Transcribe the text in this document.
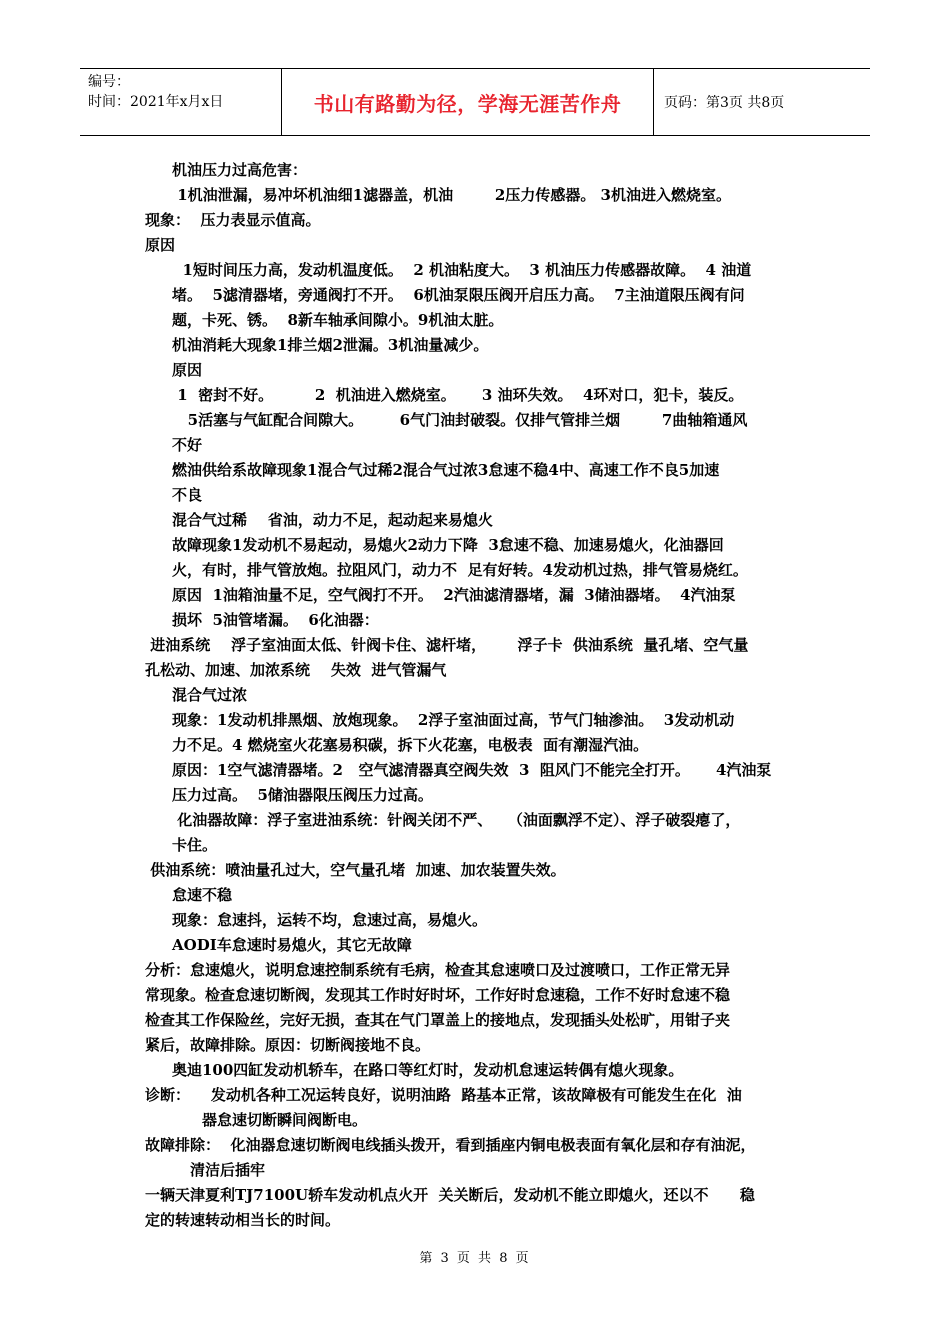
编号：
时间：2021年x月x日	书山有路勤为径，学海无涯苦作舟	页码：第3页 共8页
机油压力过高危害：
1机油泄漏，易冲坏机油细1滤器盖，机油        2压力传感器。 3机油进入燃烧室。
现象：  压力表显示值高。
原因
1短时间压力高，发动机温度低。  2 机油粘度大。  3 机油压力传感器故障。  4 油道
堵。  5滤清器堵，旁通阀打不开。  6机油泵限压阀开启压力高。  7主油道限压阀有问
题，卡死、锈。  8新车轴承间隙小。9机油太脏。
机油消耗大现象1排兰烟2泄漏。3机油量减少。
原因
1  密封不好。        2  机油进入燃烧室。     3 油环失效。  4环对口，犯卡，装反。
5活塞与气缸配合间隙大。       6气门油封破裂。仅排气管排兰烟        7曲轴箱通风
不好
燃油供给系故障现象1混合气过稀2混合气过浓3怠速不稳4中、高速工作不良5加速
不良
混合气过稀    省油，动力不足，起动起来易熄火
故障现象1发动机不易起动，易熄火2动力下降  3怠速不稳、加速易熄火，化油器回
火，有时，排气管放炮。拉阻风门，动力不  足有好转。4发动机过热，排气管易烧红。
原因  1油箱油量不足，空气阀打不开。  2汽油滤清器堵，漏  3储油器堵。  4汽油泵
损坏  5油管堵漏。  6化油器：
进油系统    浮子室油面太低、针阀卡住、滤杆堵，      浮子卡  供油系统  量孔堵、空气量
孔松动、加速、加浓系统    失效  进气管漏气
混合气过浓
现象：1发动机排黑烟、放炮现象。  2浮子室油面过高，节气门轴渗油。  3发动机动
力不足。4 燃烧室火花塞易积碳，拆下火花塞，电极表  面有潮湿汽油。
原因：1空气滤清器堵。2   空气滤清器真空阀失效  3  阻风门不能完全打开。     4汽油泵
压力过高。  5储油器限压阀压力过高。
化油器故障：浮子室进油系统：针阀关闭不严、   （油面飘浮不定）、浮子破裂瘪了，
卡住。
供油系统：喷油量孔过大，空气量孔堵  加速、加农装置失效。
怠速不稳
现象：怠速抖，运转不均，怠速过高，易熄火。
AODI车怠速时易熄火，其它无故障
分析：怠速熄火，说明怠速控制系统有毛病，检查其怠速喷口及过渡喷口，工作正常无异
常现象。检查怠速切断阀，发现其工作时好时坏，工作好时怠速稳，工作不好时怠速不稳
检查其工作保险丝，完好无损，查其在气门罩盖上的接地点，发现插头处松旷，用钳子夹
紧后，故障排除。原因：切断阀接地不良。
奥迪100四缸发动机轿车，在路口等红灯时，发动机怠速运转偶有熄火现象。
诊断：    发动机各种工况运转良好，说明油路  路基本正常，该故障极有可能发生在化  油
器怠速切断瞬间阀断电。
故障排除：  化油器怠速切断阀电线插头拨开，看到插座内铜电极表面有氧化层和存有油泥，
清洁后插牢
一辆天津夏利TJ7100U轿车发动机点火开  关关断后，发动机不能立即熄火，还以不      稳
定的转速转动相当长的时间。
第 3 页 共 8 页
